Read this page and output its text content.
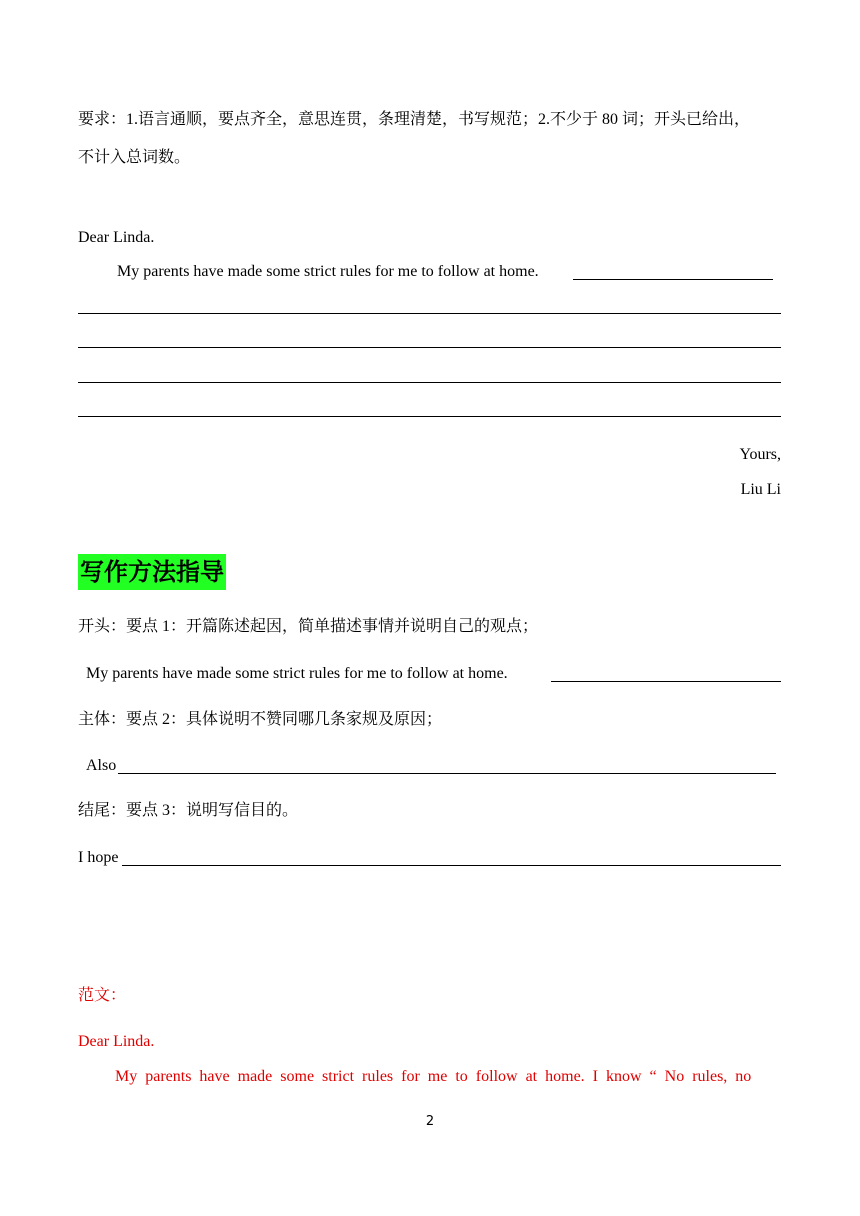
要求：1.语言通顺，要点齐全，意思连贯，条理清楚，书写规范；2.不少于 80 词；开头已给出，
不计入总词数。
Dear Linda.
My parents have made some strict rules for me to follow at home.
Yours,
Liu Li
写作方法指导
开头：要点 1：开篇陈述起因，简单描述事情并说明自己的观点；
My parents have made some strict rules for me to follow at home.
主体：要点 2：具体说明不赞同哪几条家规及原因；
Also
结尾：要点 3：说明写信目的。
I hope
范文：
Dear Linda.
My  parents  have  made  some  strict  rules  for  me  to  follow  at  home.  I  know  “  No  rules,  no
2
